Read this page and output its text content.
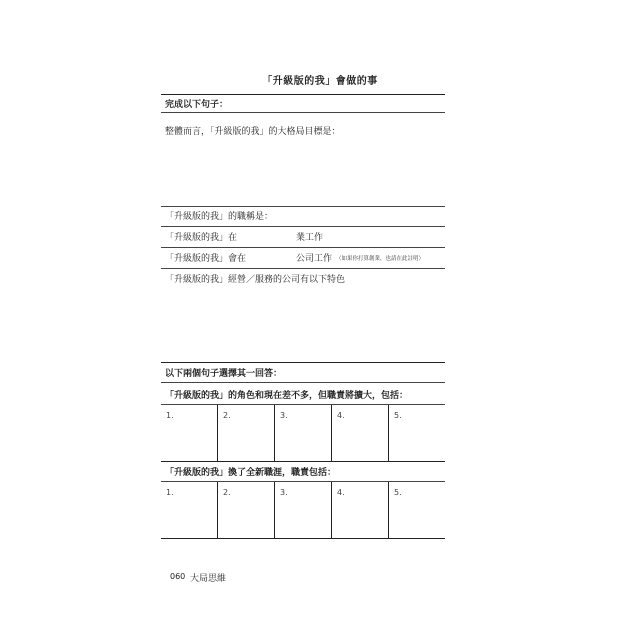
「升級版的我」會做的事
完成以下句子：
整體而言，「升級版的我」的大格局目標是：
「升級版的我」的職稱是：
「升級版的我」在	業工作
「升級版的我」會在	公司工作 （如果你打算創業，也請在此註明）
「升級版的我」經營／服務的公司有以下特色
以下兩個句子選擇其一回答：
「升級版的我」的角色和現在差不多，但職責將擴大，包括：
1.	2.	3.	4.	5.
「升級版的我」換了全新職涯，職責包括：
1.	2.	3.	4.	5.
060 大局思維
